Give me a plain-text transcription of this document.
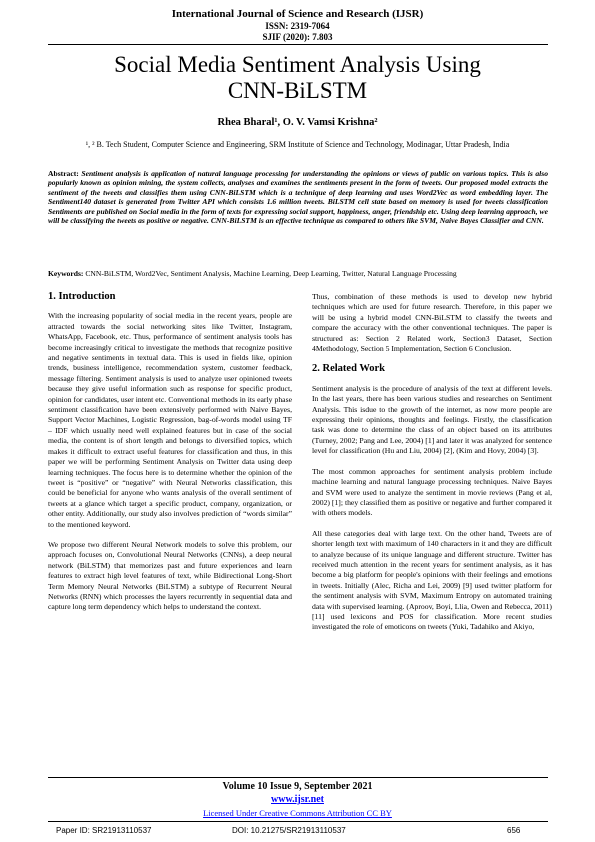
International Journal of Science and Research (IJSR)
ISSN: 2319-7064
SJIF (2020): 7.803
Social Media Sentiment Analysis Using
CNN-BiLSTM
Rhea Bharal¹, O. V. Vamsi Krishna²
¹, ² B. Tech Student, Computer Science and Engineering, SRM Institute of Science and Technology, Modinagar, Uttar Pradesh, India
Abstract: Sentiment analysis is application of natural language processing for understanding the opinions or views of public on various topics. This is also popularly known as opinion mining, the system collects, analyses and examines the sentiments present in the form of tweets. Our proposed model extracts the sentiment of the tweets and classifies them using CNN-BiLSTM which is a technique of deep learning and uses Word2Vec as word embedding layer. The Sentiment140 dataset is generated from Twitter API which consists 1.6 million tweets. BiLSTM cell state based on memory is used for tweets classification Sentiments are published on Social media in the form of texts for expressing social support, happiness, anger, friendship etc. Using deep learning approach, we will be classifying the tweets as positive or negative. CNN-BiLSTM is an effective technique as compared to others like SVM, Naive Bayes Classifier and CNN.
Keywords: CNN-BiLSTM, Word2Vec, Sentiment Analysis, Machine Learning, Deep Learning, Twitter, Natural Language Processing
1. Introduction

With the increasing popularity of social media in the recent years, people are attracted towards the social networking sites like Twitter, Instagram, WhatsApp, Facebook, etc. Thus, performance of sentiment analysis tools has become increasingly critical to investigate the methods that recognize positive and negative sentiments in textual data. This is used in fields like, opinion trends, business intelligence, recommendation system, customer feedback, message filtering. Sentiment analysis is used to analyze user opinioned tweets because they give useful information such as response for specific product, opinion for candidates, user intent etc. Conventional methods in its early phase sentiment classification have been extensively performed with Naive Bayes, Support Vector Machines, Logistic Regression, bag-of-words model using TF – IDF which usually need well explained features but in case of the social media, the content is of short length and belongs to diversified topics, which makes it difficult to extract useful features for classification and thus, in this paper we will be performing Sentiment Analysis on Twitter data using deep learning techniques. The focus here is to determine whether the opinion of the tweet is “positive” or “negative” with Neural Networks classification, this could be beneficial for anyone who wants analysis of the overall sentiment of tweets at a glance which target a specific product, company, organization, or other entity. Additionally, our study also involves prediction of “words similar” to the mentioned keyword.

We propose two different Neural Network models to solve this problem, our approach focuses on, Convolutional Neural Networks (CNNs), a deep neural network (BiLSTM) that memorizes past and future experiences and learn features to extract high level features of text, while Bidirectional Long-Short Term Memory Neural Networks (BiLSTM) a subtype of Recurrent Neural Networks (RNN) which processes the layers recurrently in sequential data and capture long term dependency which helps to understand the context.

Thus, combination of these methods is used to develop new hybrid techniques which are used for future research. Therefore, in this paper we will be using a hybrid model CNN-BiLSTM to classify the tweets and compare the accuracy with the other conventional techniques. The paper is structured as: Section 2 Related work, Section3 Dataset, Section 4Methodology, Section 5 Implementation, Section 6 Conclusion.

2. Related Work

Sentiment analysis is the procedure of analysis of the text at different levels. In the last years, there has been various studies and researches on Sentiment Analysis. This isdue to the growth of the internet, as now more people are expressing their opinions, thoughts and feelings. Firstly, the classification task was done to determine the class of an object based on its attributes (Turney, 2002; Pang and Lee, 2004) [1] and later it was analyzed for sentence level for classification (Hu and Liu, 2004) [2], (Kim and Hovy, 2004) [3].

The most common approaches for sentiment analysis problem include machine learning and natural language processing techniques. Naive Bayes and SVM were used to analyze the sentiment in movie reviews (Pang et al, 2002) [1]; they classified them as positive or negative and further compared it with others models.

All these categories deal with large text. On the other hand, Tweets are of shorter length text with maximum of 140 characters in it and they are difficult to analyze because of its unique language and different structure. Twitter has received much attention in the recent years for sentiment analysis, as it has become a big platform for people's opinions with their feelings and emotions in tweets. Initially (Alec, Richa and Lei, 2009) [9] used twitter platform for the sentiment analysis with SVM, Maximum Entropy on automated training data with supervised learning. (Aproov, Boyi, Llia, Owen and Rebecca, 2011) [11] used lexicons and POS for classification. More recent studies investigated the role of emoticons on tweets (Yuki, Tadahiko and Akiyo,

Volume 10 Issue 9, September 2021
www.ijsr.net
Licensed Under Creative Commons Attribution CC BY
Paper ID: SR21913110537	DOI: 10.21275/SR21913110537	656
